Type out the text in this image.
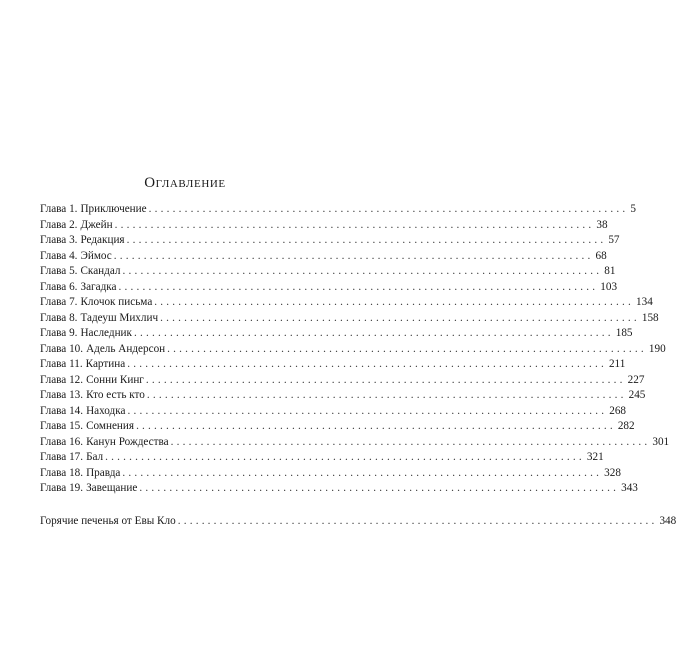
Оглавление
Глава 1. Приключение ................................................................................ 5
Глава 2. Джейн ................................................................................ 38
Глава 3. Редакция ................................................................................ 57
Глава 4. Эймос ................................................................................ 68
Глава 5. Скандал ................................................................................ 81
Глава 6. Загадка ................................................................................ 103
Глава 7. Клочок письма ................................................................................ 134
Глава 8. Тадеуш Михлич ................................................................................ 158
Глава 9. Наследник ................................................................................ 185
Глава 10. Адель Андерсон ................................................................................ 190
Глава 11. Картина ................................................................................ 211
Глава 12. Сонни Кинг ................................................................................ 227
Глава 13. Кто есть кто ................................................................................ 245
Глава 14. Находка ................................................................................ 268
Глава 15. Сомнения ................................................................................ 282
Глава 16. Канун Рождества ................................................................................ 301
Глава 17. Бал ................................................................................ 321
Глава 18. Правда ................................................................................ 328
Глава 19. Завещание ................................................................................ 343
Горячие печенья от Евы Кло ................................................................................ 348
